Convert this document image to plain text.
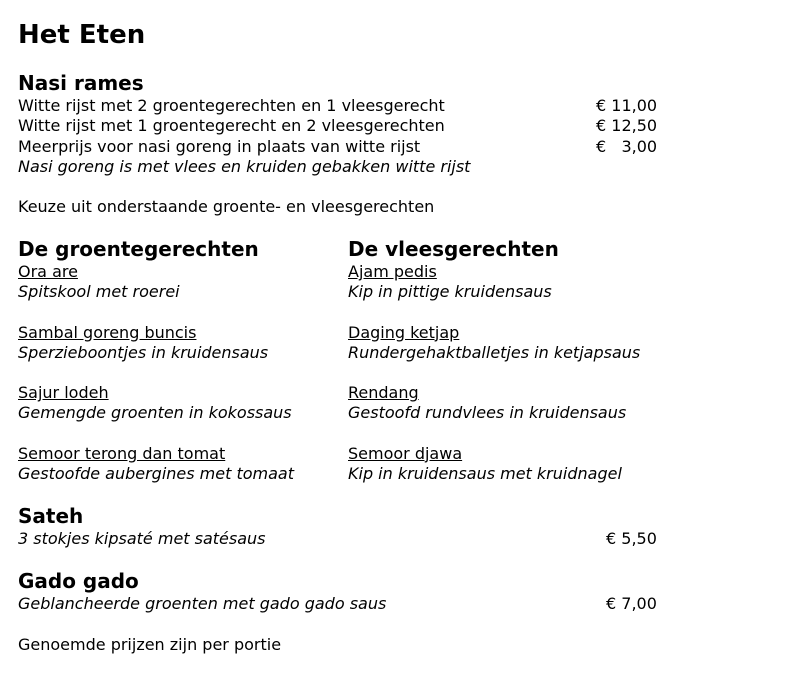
Het Eten
Nasi rames
Witte rijst met 2 groentegerechten en 1 vleesgerecht	€ 11,00
Witte rijst met 1 groentegerecht en 2 vleesgerechten	€ 12,50
Meerprijs voor nasi goreng in plaats van witte rijst	€   3,00
Nasi goreng is met vlees en kruiden gebakken witte rijst
Keuze uit onderstaande groente- en vleesgerechten
De groentegerechten
Ora are
Spitskool met roerei
Sambal goreng buncis
Sperzieboontjes in kruidensaus
Sajur lodeh
Gemengde groenten in kokossaus
Semoor terong dan tomat
Gestoofde aubergines met tomaat
De vleesgerechten
Ajam pedis
Kip in pittige kruidensaus
Daging ketjap
Rundergehaktballetjes in ketjapsaus
Rendang
Gestoofd rundvlees in kruidensaus
Semoor djawa
Kip in kruidensaus met kruidnagel
Sateh
3 stokjes kipsaté met satésaus	€ 5,50
Gado gado
Geblancheerde groenten met gado gado saus	€ 7,00
Genoemde prijzen zijn per portie
